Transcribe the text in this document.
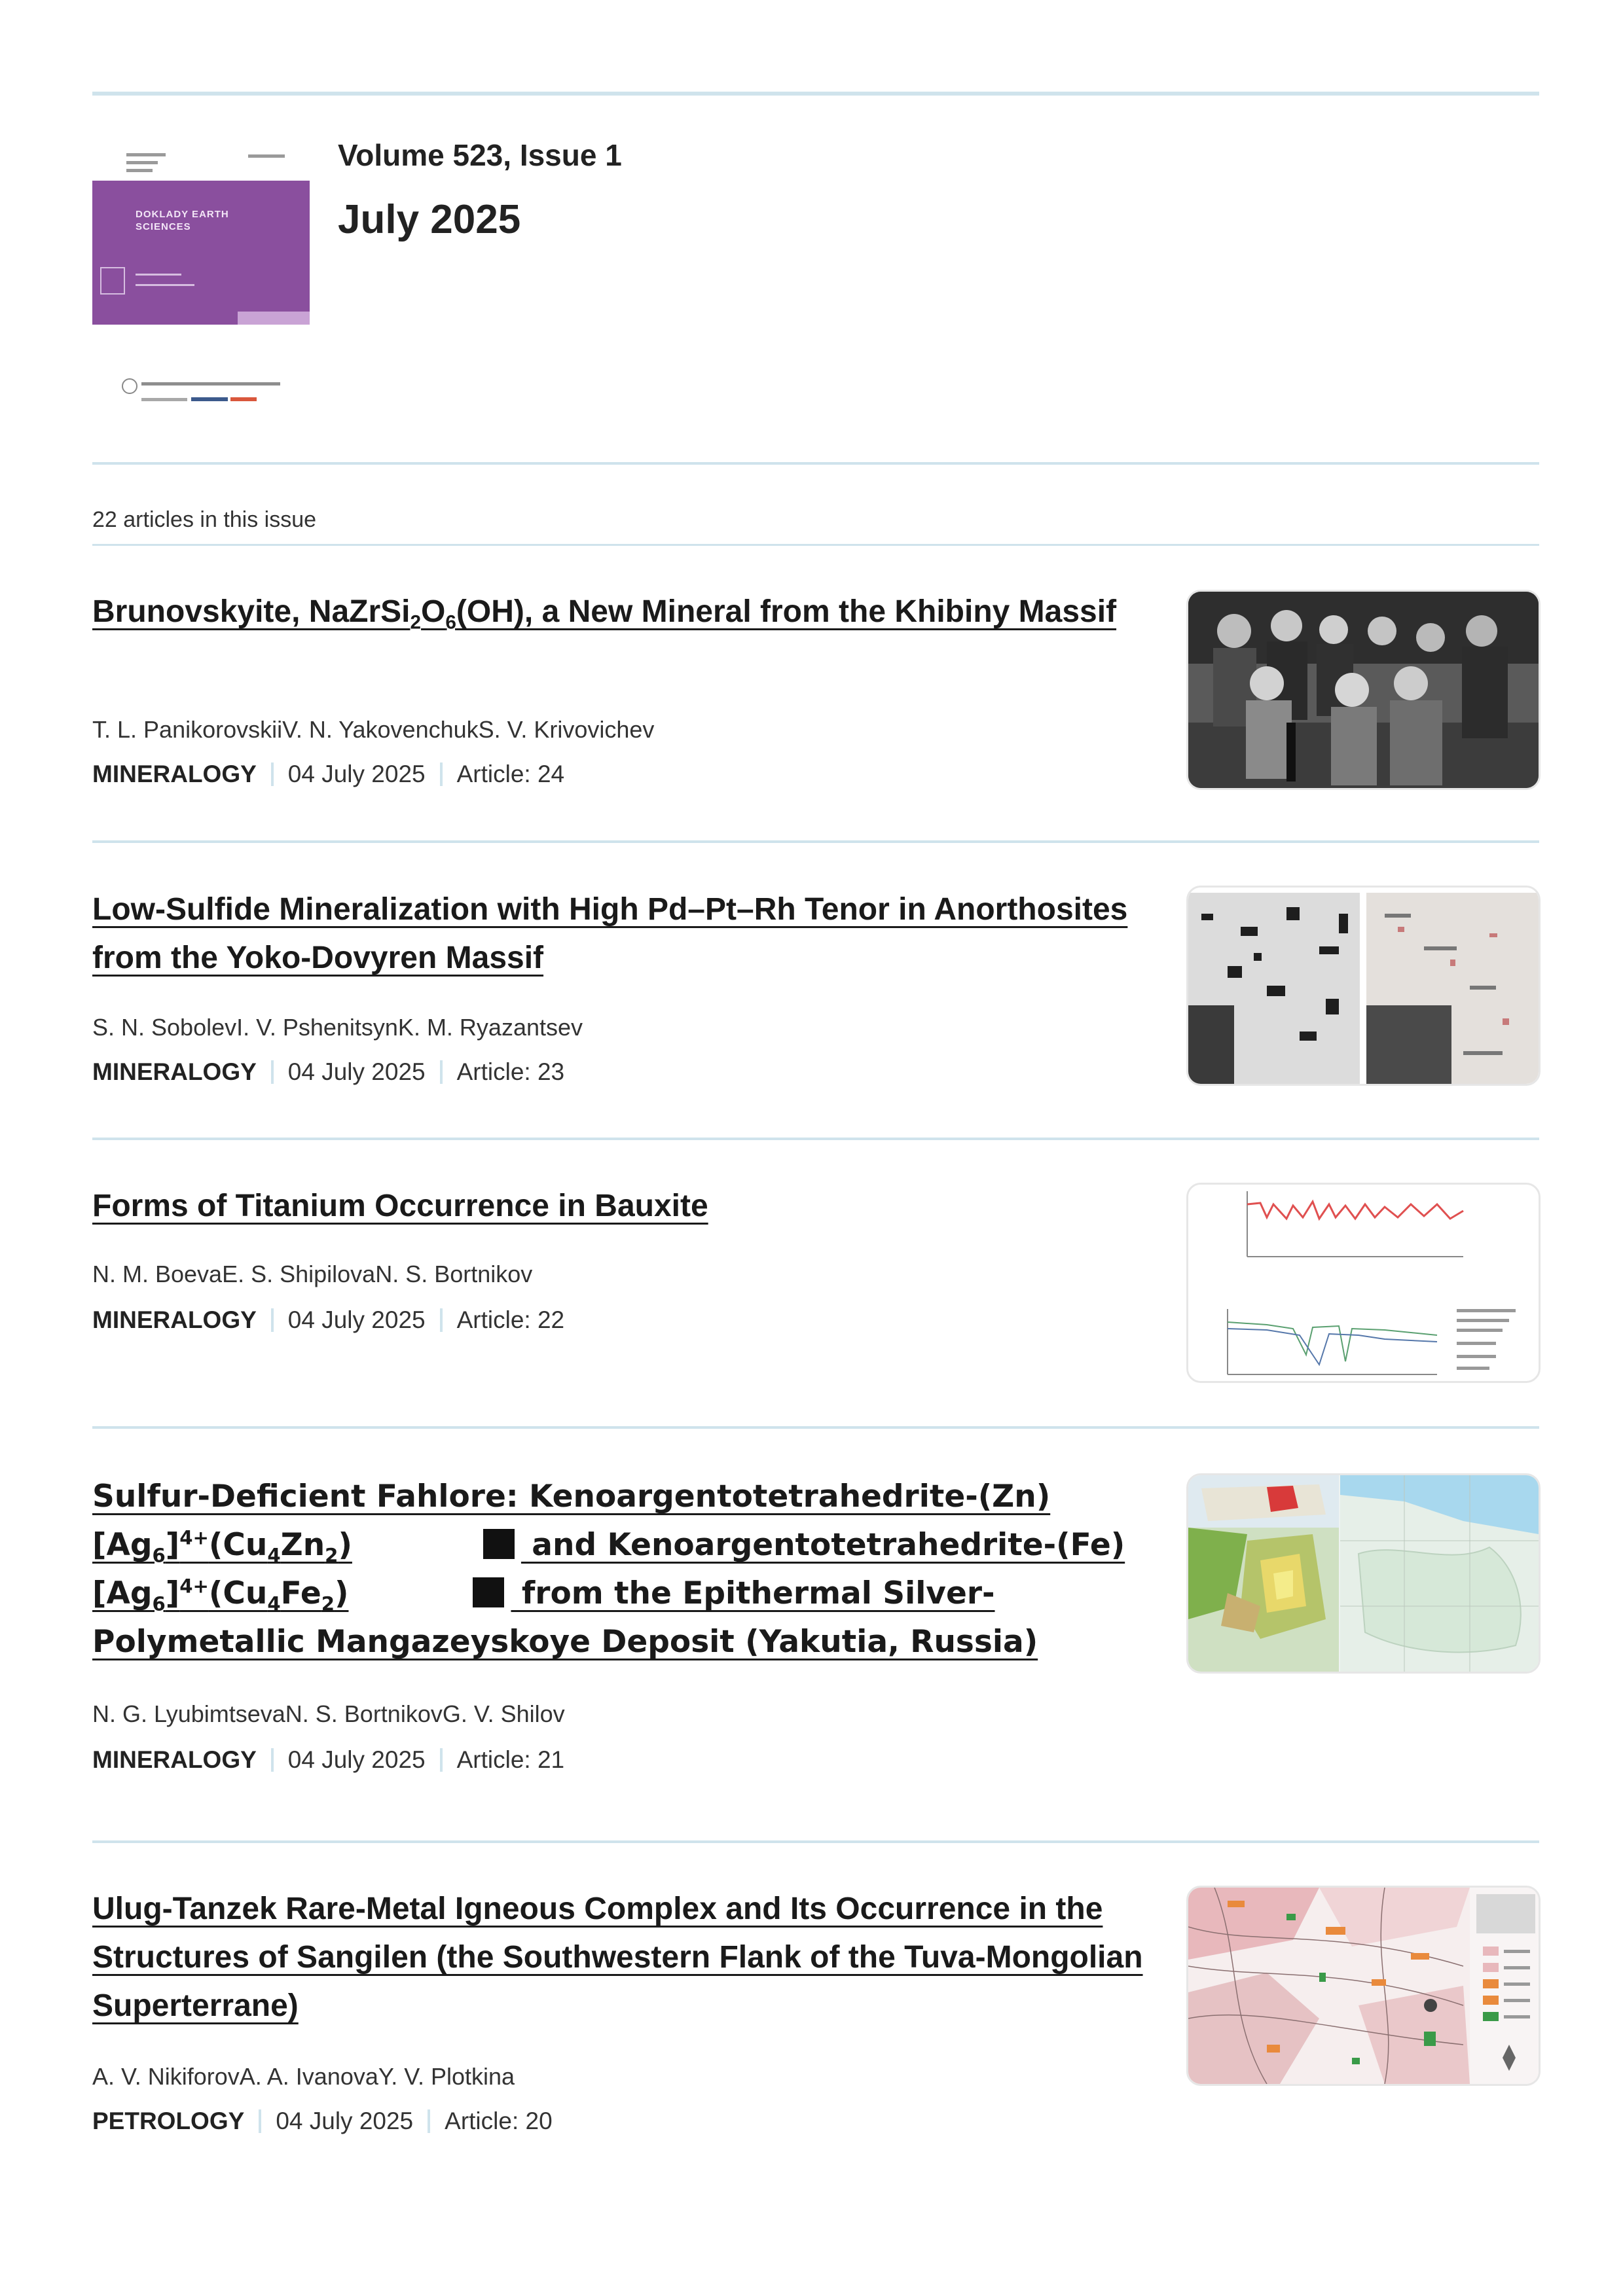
DOKLADY EARTH SCIENCES
Volume 523, Issue 1
July 2025
22 articles in this issue
Brunovskyite, $NaZrSi_2O_6(OH)$, a New Mineral from the Khibiny Massif
T. L. PanikorovskiiV. N. YakovenchukS. V. Krivovichev
MINERALOGY 04 July 2025 Article: 24
Low-Sulfide Mineralization with High Pd–Pt–Rh Tenor in Anorthosites from the Yoko-Dovyren Massif
S. N. SobolevI. V. PshenitsynK. M. Ryazantsev
MINERALOGY 04 July 2025 Article: 23
Forms of Titanium Occurrence in Bauxite
N. M. BoevaE. S. ShipilovaN. S. Bortnikov
MINERALOGY 04 July 2025 Article: 22
Sulfur-Deficient Fahlore: Kenoargentotetrahedrite-(Zn) $[Ag_6]^{4+}(Cu_4Zn_2)$	and Kenoargentotetrahedrite-(Fe) $[Ag_6]^{4+}(Cu_4Fe_2)$	from the Epithermal Silver-Polymetallic Mangazeyskoye Deposit (Yakutia, Russia)
N. G. LyubimtsevaN. S. BortnikovG. V. Shilov
MINERALOGY 04 July 2025 Article: 21
Ulug-Tanzek Rare-Metal Igneous Complex and Its Occurrence in the Structures of Sangilen (the Southwestern Flank of the Tuva-Mongolian Superterrane)
A. V. NikiforovA. A. IvanovaY. V. Plotkina
PETROLOGY 04 July 2025 Article: 20
